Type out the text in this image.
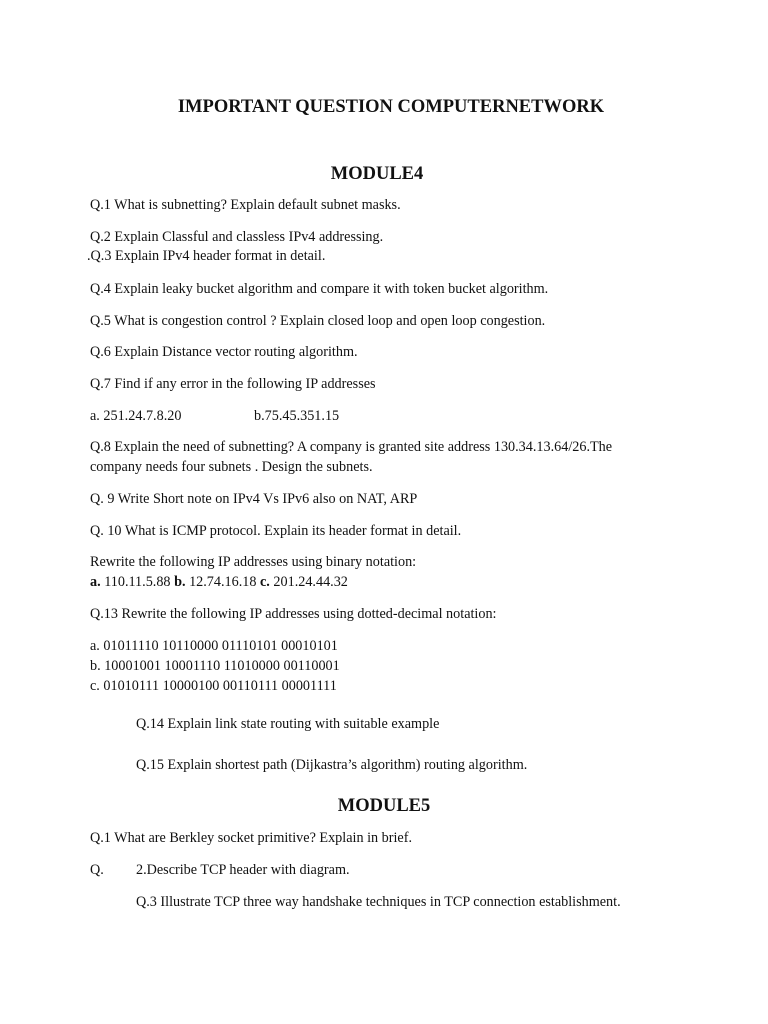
IMPORTANT QUESTION COMPUTERNETWORK
MODULE4
Q.1 What is subnetting? Explain default subnet masks.
Q.2 Explain Classful and classless IPv4 addressing.
.Q.3 Explain IPv4 header format in detail.
Q.4 Explain leaky bucket algorithm and compare it with token bucket algorithm.
Q.5 What is congestion control ? Explain closed loop and open loop congestion.
Q.6 Explain Distance vector routing algorithm.
Q.7 Find if any error in the following IP addresses
a. 251.24.7.8.20	b.75.45.351.15
Q.8 Explain the need of subnetting? A company is granted site address 130.34.13.64/26.The
company needs four subnets . Design the subnets.
Q. 9 Write Short note on IPv4 Vs IPv6 also on NAT, ARP
Q. 10 What is ICMP protocol. Explain its header format in detail.
Rewrite the following IP addresses using binary notation:
a. 110.11.5.88 b. 12.74.16.18 c. 201.24.44.32
Q.13 Rewrite the following IP addresses using dotted-decimal notation:
a. 01011110 10110000 01110101 00010101
b. 10001001 10001110 11010000 00110001
c. 01010111 10000100 00110111 00001111
Q.14 Explain link state routing with suitable example
Q.15 Explain shortest path (Dijkastra’s algorithm) routing algorithm.
MODULE5
Q.1 What are Berkley socket primitive? Explain in brief.
Q. 2.Describe TCP header with diagram.
Q.3 Illustrate TCP three way handshake techniques in TCP connection establishment.
